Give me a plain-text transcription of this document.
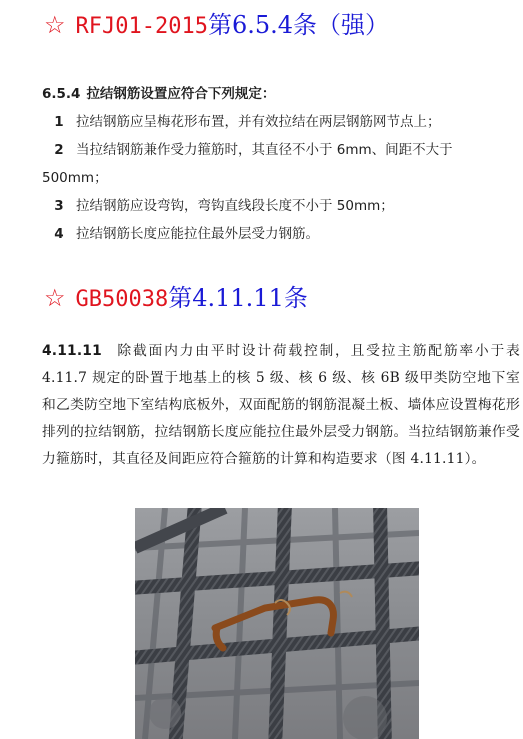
☆ RFJ01-2015第6.5.4条（强）
6.5.4 拉结钢筋设置应符合下列规定：
1 拉结钢筋应呈梅花形布置，并有效拉结在两层钢筋网节点上；
2 当拉结钢筋兼作受力箍筋时，其直径不小于 6mm、间距不大于 500mm；
3 拉结钢筋应设弯钩，弯钩直线段长度不小于 50mm；
4 拉结钢筋长度应能拉住最外层受力钢筋。
☆ GB50038第4.11.11条
4.11.11 除截面内力由平时设计荷载控制，且受拉主筋配筋率小于表 4.11.7 规定的卧置于地基上的核 5 级、核 6 级、核 6B 级甲类防空地下室和乙类防空地下室结构底板外，双面配筋的钢筋混凝土板、墙体应设置梅花形排列的拉结钢筋，拉结钢筋长度应能拉住最外层受力钢筋。当拉结钢筋兼作受力箍筋时，其直径及间距应符合箍筋的计算和构造要求（图 4.11.11）。
